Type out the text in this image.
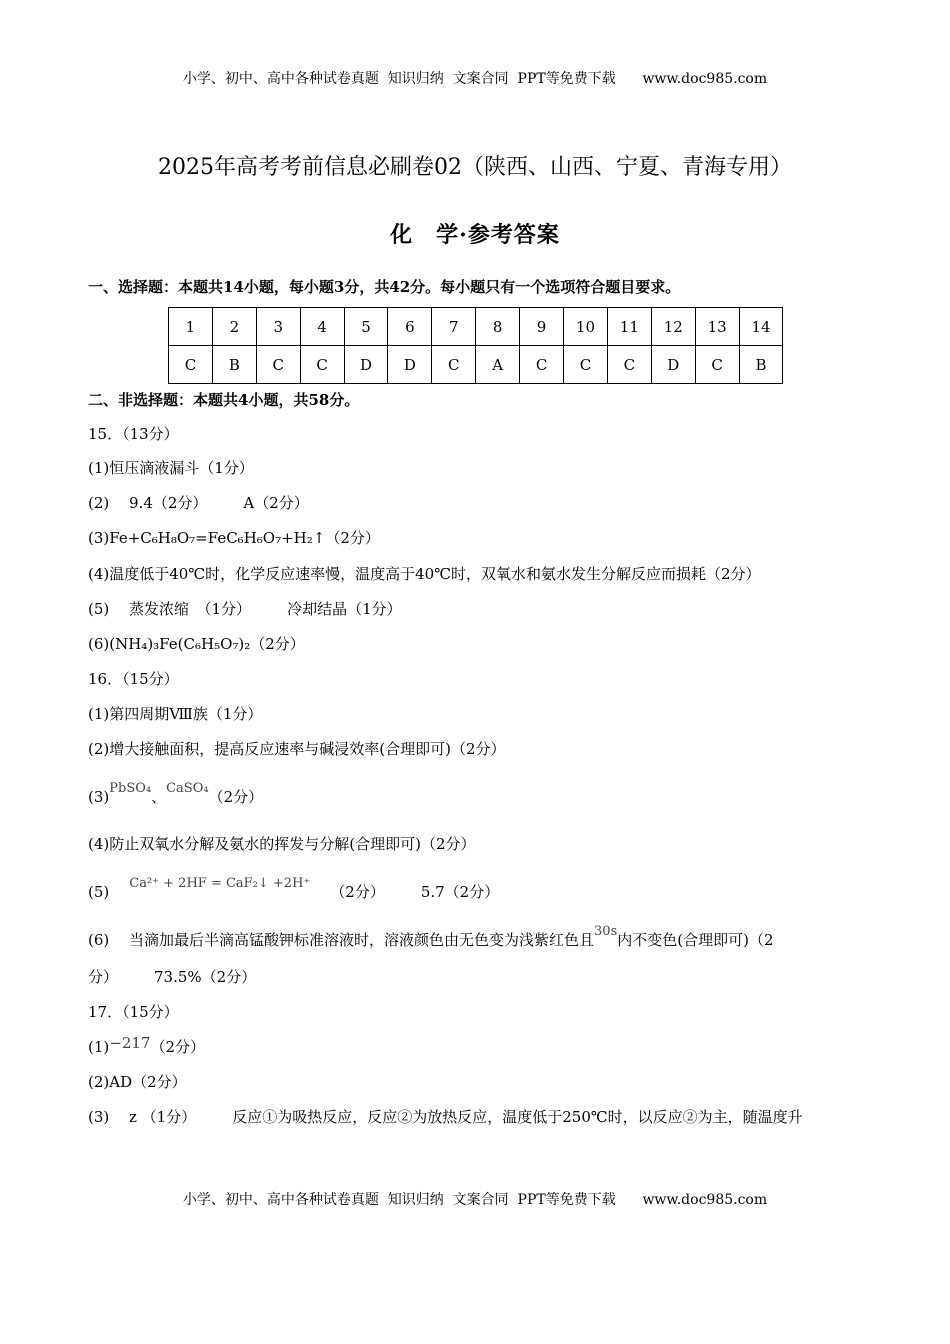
小学、初中、高中各种试卷真题  知识归纳  文案合同  PPT等免费下载      www.doc985.com
2025年高考考前信息必刷卷02（陕西、山西、宁夏、青海专用）
化　学·参考答案
一、选择题：本题共14小题，每小题3分，共42分。每小题只有一个选项符合题目要求。
1	2	3	4	5	6	7	8	9	10	11	12	13	14
C	B	C	C	D	D	C	A	C	C	C	D	C	B
二、非选择题：本题共4小题，共58分。
15．（13分）
(1)恒压滴液漏斗（1分）
(2)　 9.4（2分） A（2分）
(3)Fe+C₆H₈O₇=FeC₆H₆O₇+H₂↑（2分）
(4)温度低于40℃时，化学反应速率慢，温度高于40℃时，双氧水和氨水发生分解反应而损耗（2分）
(5)　 蒸发浓缩　（1分） 冷却结晶（1分）
(6)(NH₄)₃Fe(C₆H₅O₇)₂（2分）
16．（15分）
(1)第四周期Ⅷ族（1分）
(2)增大接触面积，提高反应速率与碱浸效率(合理即可)（2分）
(3)PbSO₄、CaSO₄（2分）
(4)防止双氧水分解及氨水的挥发与分解(合理即可)（2分）
(5) Ca²⁺ + 2HF = CaF₂↓ +2H⁺ （2分） 5.7（2分）
(6)　 当滴加最后半滴高锰酸钾标准溶液时，溶液颜色由无色变为浅紫红色且30s内不变色(合理即可)（2
分） 73.5%（2分）
17．（15分）
(1)−217（2分）
(2)AD（2分）
(3)　 z （1分） 反应①为吸热反应，反应②为放热反应，温度低于250℃时，以反应②为主，随温度升
小学、初中、高中各种试卷真题  知识归纳  文案合同  PPT等免费下载      www.doc985.com
